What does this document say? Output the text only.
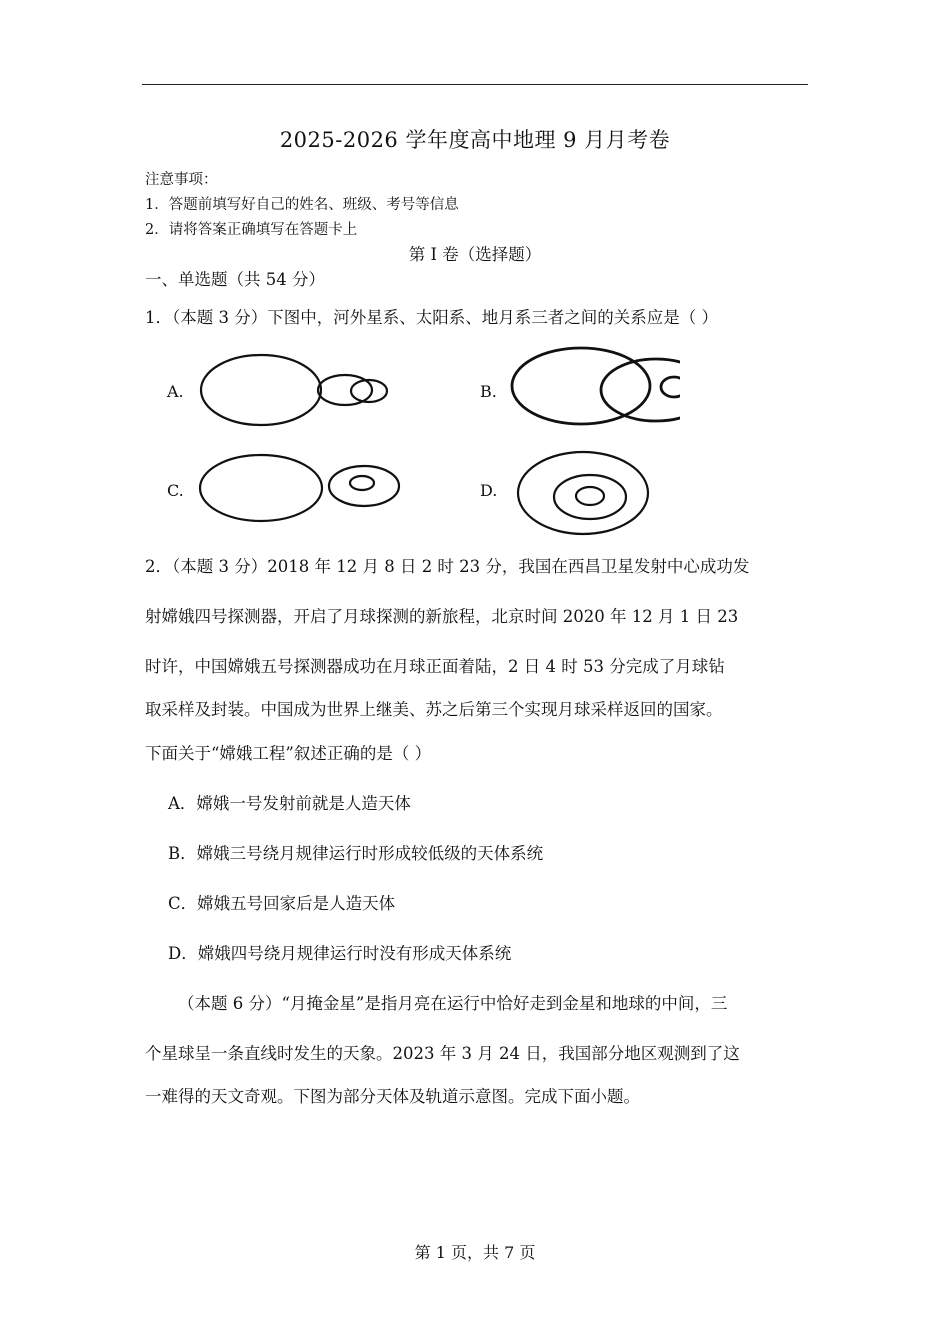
2025-2026 学年度高中地理 9 月月考卷
注意事项：
1．答题前填写好自己的姓名、班级、考号等信息
2．请将答案正确填写在答题卡上
第 I 卷（选择题）
一、单选题（共 54 分）
1．（本题 3 分）下图中，河外星系、太阳系、地月系三者之间的关系应是（ ）
A.	B.
C.	D.
2．（本题 3 分）2018 年 12 月 8 日 2 时 23 分，我国在西昌卫星发射中心成功发
射嫦娥四号探测器，开启了月球探测的新旅程，北京时间 2020 年 12 月 1 日 23
时许，中国嫦娥五号探测器成功在月球正面着陆，2 日 4 时 53 分完成了月球钻
取采样及封装。中国成为世界上继美、苏之后第三个实现月球采样返回的国家。
下面关于“嫦娥工程”叙述正确的是（ ）
A．嫦娥一号发射前就是人造天体
B．嫦娥三号绕月规律运行时形成较低级的天体系统
C．嫦娥五号回家后是人造天体
D．嫦娥四号绕月规律运行时没有形成天体系统
（本题 6 分）“月掩金星”是指月亮在运行中恰好走到金星和地球的中间，三
个星球呈一条直线时发生的天象。2023 年 3 月 24 日，我国部分地区观测到了这
一难得的天文奇观。下图为部分天体及轨道示意图。完成下面小题。
第 1 页，共 7 页
